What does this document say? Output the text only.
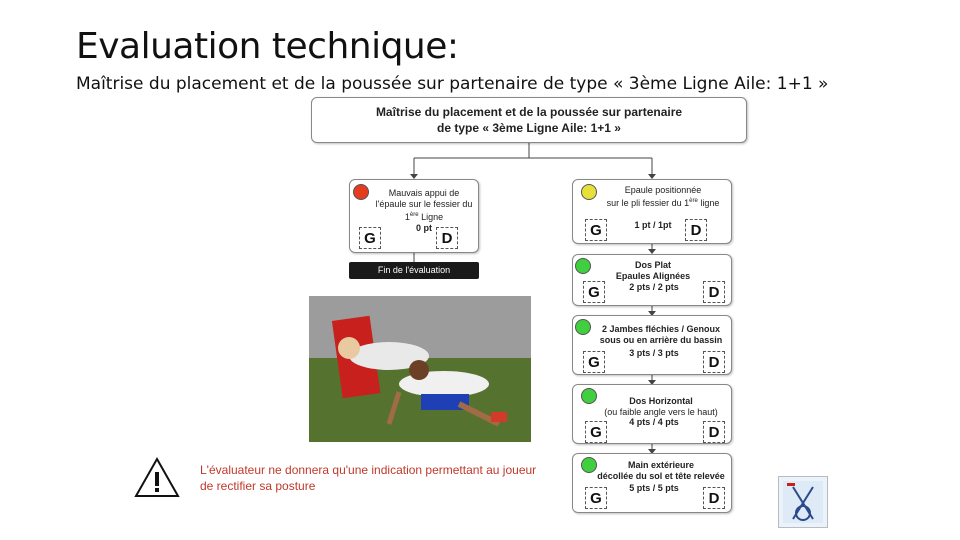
Evaluation technique:
Maîtrise du placement et de la poussée sur partenaire de type « 3ème Ligne Aile: 1+1 »
Maîtrise du placement et de la poussée sur partenaire
de type « 3ème Ligne Aile: 1+1 »
Mauvais appui de
l'épaule sur le fessier du
1ère Ligne
0 pt
G	D
Fin de l'évaluation
Epaule positionnée
sur le pli fessier du 1ère ligne
1 pt / 1pt
G	D
Dos Plat
Epaules Alignées
2 pts / 2 pts
G	D
2 Jambes fléchies / Genoux
sous ou en arrière du bassin
3 pts / 3 pts
G	D
Dos Horizontal
(ou faible angle vers le haut)
4 pts / 4 pts
G	D
Main extérieure
décollée du sol et tête relevée
5 pts / 5 pts
G	D
L'évaluateur ne donnera qu'une indication permettant au joueur de rectifier sa posture
